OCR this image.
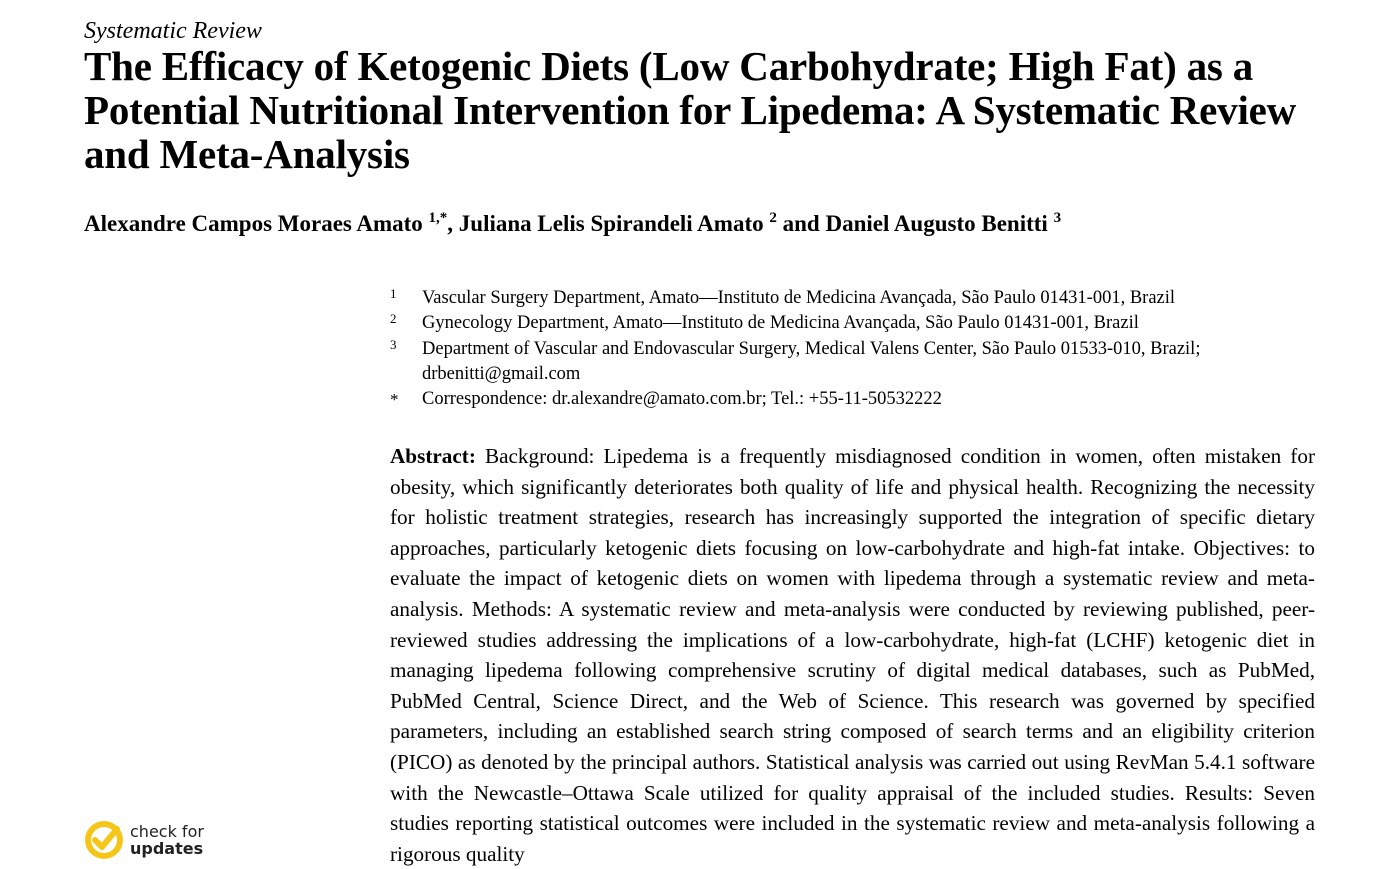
Systematic Review
The Efficacy of Ketogenic Diets (Low Carbohydrate; High Fat) as a Potential Nutritional Intervention for Lipedema: A Systematic Review and Meta-Analysis
Alexandre Campos Moraes Amato $^{1,*}$, Juliana Lelis Spirandeli Amato $^2$ and Daniel Augusto Benitti $^3$
1 Vascular Surgery Department, Amato—Instituto de Medicina Avançada, São Paulo 01431-001, Brazil
2 Gynecology Department, Amato—Instituto de Medicina Avançada, São Paulo 01431-001, Brazil
3 Department of Vascular and Endovascular Surgery, Medical Valens Center, São Paulo 01533-010, Brazil; drbenitti@gmail.com
* Correspondence: dr.alexandre@amato.com.br; Tel.: +55-11-50532222

Abstract: Background: Lipedema is a frequently misdiagnosed condition in women, often mistaken for obesity, which significantly deteriorates both quality of life and physical health. Recognizing the necessity for holistic treatment strategies, research has increasingly supported the integration of specific dietary approaches, particularly ketogenic diets focusing on low-carbohydrate and high-fat intake. Objectives: to evaluate the impact of ketogenic diets on women with lipedema through a systematic review and meta-analysis. Methods: A systematic review and meta-analysis were conducted by reviewing published, peer-reviewed studies addressing the implications of a low-carbohydrate, high-fat (LCHF) ketogenic diet in managing lipedema following comprehensive scrutiny of digital medical databases, such as PubMed, PubMed Central, Science Direct, and the Web of Science. This research was governed by specified parameters, including an established search string composed of search terms and an eligibility criterion (PICO) as denoted by the principal authors. Statistical analysis was carried out using RevMan 5.4.1 software with the Newcastle–Ottawa Scale utilized for quality appraisal of the included studies. Results: Seven studies reporting statistical outcomes were included in the systematic review and meta-analysis following a rigorous quality

check for
updates
